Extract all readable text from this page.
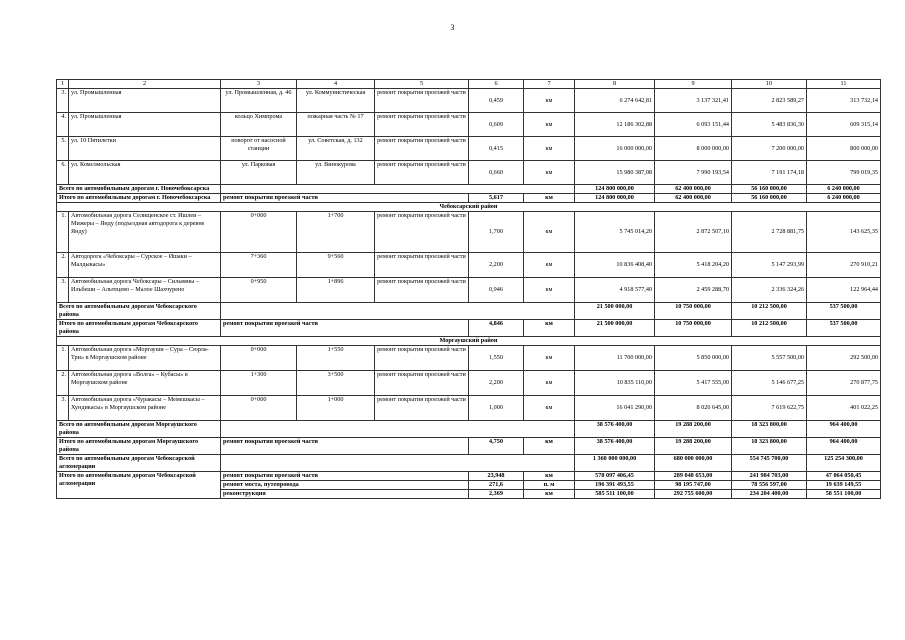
3
1	2	3	4	5	6	7	8	9	10	11
3.	ул. Промышленная	ул. Промышленная, д. 46	ул. Коммунистическая	ремонт покрытия проезжей части	0,459	км	6 274 642,81	3 137 321,41	2 823 589,27	313 732,14
4.	ул. Промышленная	кольцо Химпрома	пожарная часть № 17	ремонт покрытия проезжей части	0,609	км	12 186 302,88	6 093 151,44	5 483 836,30	609 315,14
5.	ул. 10 Пятилетки	поворот от насосной станции	ул. Советская, д. 132	ремонт покрытия проезжей части	0,415	км	16 000 000,00	8 000 000,00	7 200 000,00	800 000,00
6.	ул. Комсомольская	ул. Парковая	ул. Винокурова	ремонт покрытия проезжей части	0,660	км	15 980 387,08	7 990 193,54	7 191 174,18	799 019,35
Всего по автомобильным дорогам г. Новочебоксарска							124 800 000,00	62 400 000,00	56 160 000,00	6 240 000,00
Итого по автомобильным дорогам г. Новочебоксарска		ремонт покрытия проезжей части			5,617	км	124 800 000,00	62 400 000,00	56 160 000,00	6 240 000,00
Чебоксарский район										
1.	Автомобильная дорога Селищенское ст. Ишлеи – Мижеры – Янду (подъездная автодорога к деревне Янду)	0+000	1+700	ремонт покрытия проезжей части	1,700	км	5 745 014,20	2 872 507,10	2 728 881,75	143 625,35
2.	Автодорога «Чебоксары – Сурское – Ишаки – Малдыкасы»	7+360	9+560	ремонт покрытия проезжей части	2,200	км	10 836 408,40	5 418 204,20	5 147 293,99	270 910,21
3.	Автомобильная дорога Чебоксары – Сильвяны – Ильбеши – Альтецево – Малое Шахчурено	0+950	1+896	ремонт покрытия проезжей части	0,946	км	4 918 577,40	2 459 288,70	2 336 324,26	122 964,44
Всего по автомобильным дорогам Чебоксарского района							21 500 000,00	10 750 000,00	10 212 500,00	537 500,00
Итого по автомобильным дорогам Чебоксарского района		ремонт покрытия проезжей части			4,846	км	21 500 000,00	10 750 000,00	10 212 500,00	537 500,00
Моргаушский район										
1.	Автомобильная дорога «Моргауши – Сура – Сюрла-Три» в Моргаушском районе	0+000	1+550	ремонт покрытия проезжей части	1,550	км	11 700 000,00	5 850 000,00	5 557 500,00	292 500,00
2.	Автомобильная дорога «Волга» – Кубасы» в Моргаушском районе	1+300	3+500	ремонт покрытия проезжей части	2,200	км	10 835 110,00	5 417 555,00	5 146 677,25	270 877,75
3.	Автомобильная дорога «Чуракасы – Мемешкасы – Хундикасы» в Моргаушском районе	0+000	1+000	ремонт покрытия проезжей части	1,000	км	16 041 290,00	8 020 645,00	7 619 622,75	401 022,25
Всего по автомобильным дорогам Моргаушского района							38 576 400,00	19 288 200,00	18 323 800,00	964 400,00
Итого по автомобильным дорогам Моргаушского района		ремонт покрытия проезжей части			4,750	км	38 576 400,00	19 288 200,00	18 323 800,00	964 400,00
Всего по автомобильным дорогам Чебоксарской агломерации							1 360 000 000,00	680 000 000,00	554 745 700,00	125 254 300,00
Итого по автомобильным дорогам Чебоксарской агломерации		ремонт покрытия проезжей части			23,948	км	578 097 406,45	289 048 653,00	241 984 703,00	47 064 050,45
		ремонт моста, путепровода			271,6	п. м	196 391 493,55	98 195 747,00	78 556 597,00	19 639 149,55
		реконструкция			2,369	км	585 511 100,00	292 755 600,00	234 204 400,00	58 551 100,00
